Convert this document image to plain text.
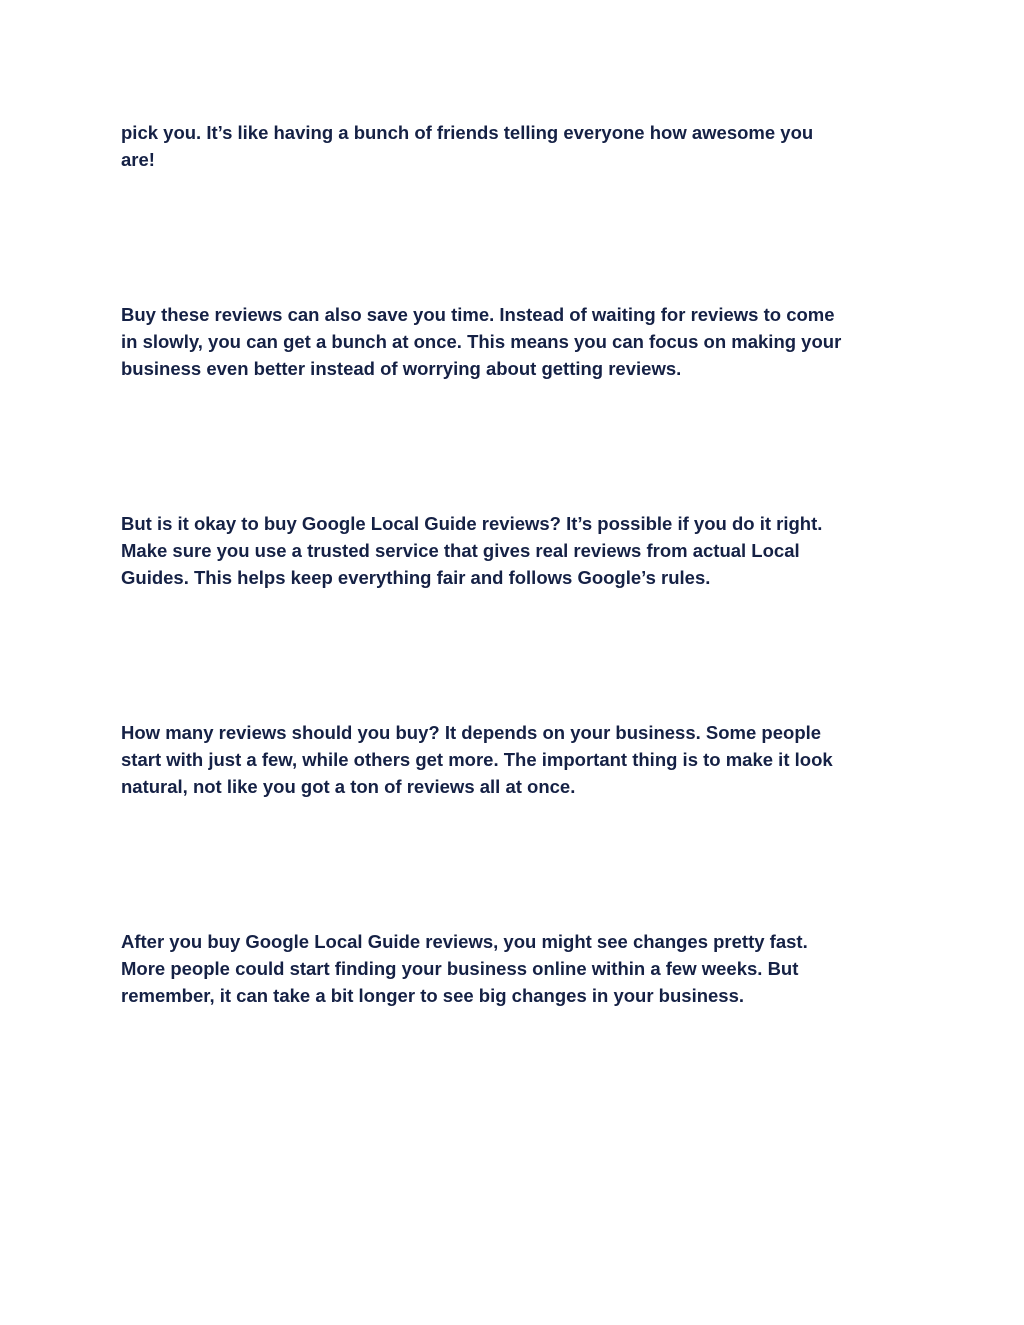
pick you. It’s like having a bunch of friends telling everyone how awesome you
are!

Buy these reviews can also save you time. Instead of waiting for reviews to come
in slowly, you can get a bunch at once. This means you can focus on making your
business even better instead of worrying about getting reviews.

But is it okay to buy Google Local Guide reviews? It’s possible if you do it right.
Make sure you use a trusted service that gives real reviews from actual Local
Guides. This helps keep everything fair and follows Google’s rules.

How many reviews should you buy? It depends on your business. Some people
start with just a few, while others get more. The important thing is to make it look
natural, not like you got a ton of reviews all at once.

After you buy Google Local Guide reviews, you might see changes pretty fast.
More people could start finding your business online within a few weeks. But
remember, it can take a bit longer to see big changes in your business.
